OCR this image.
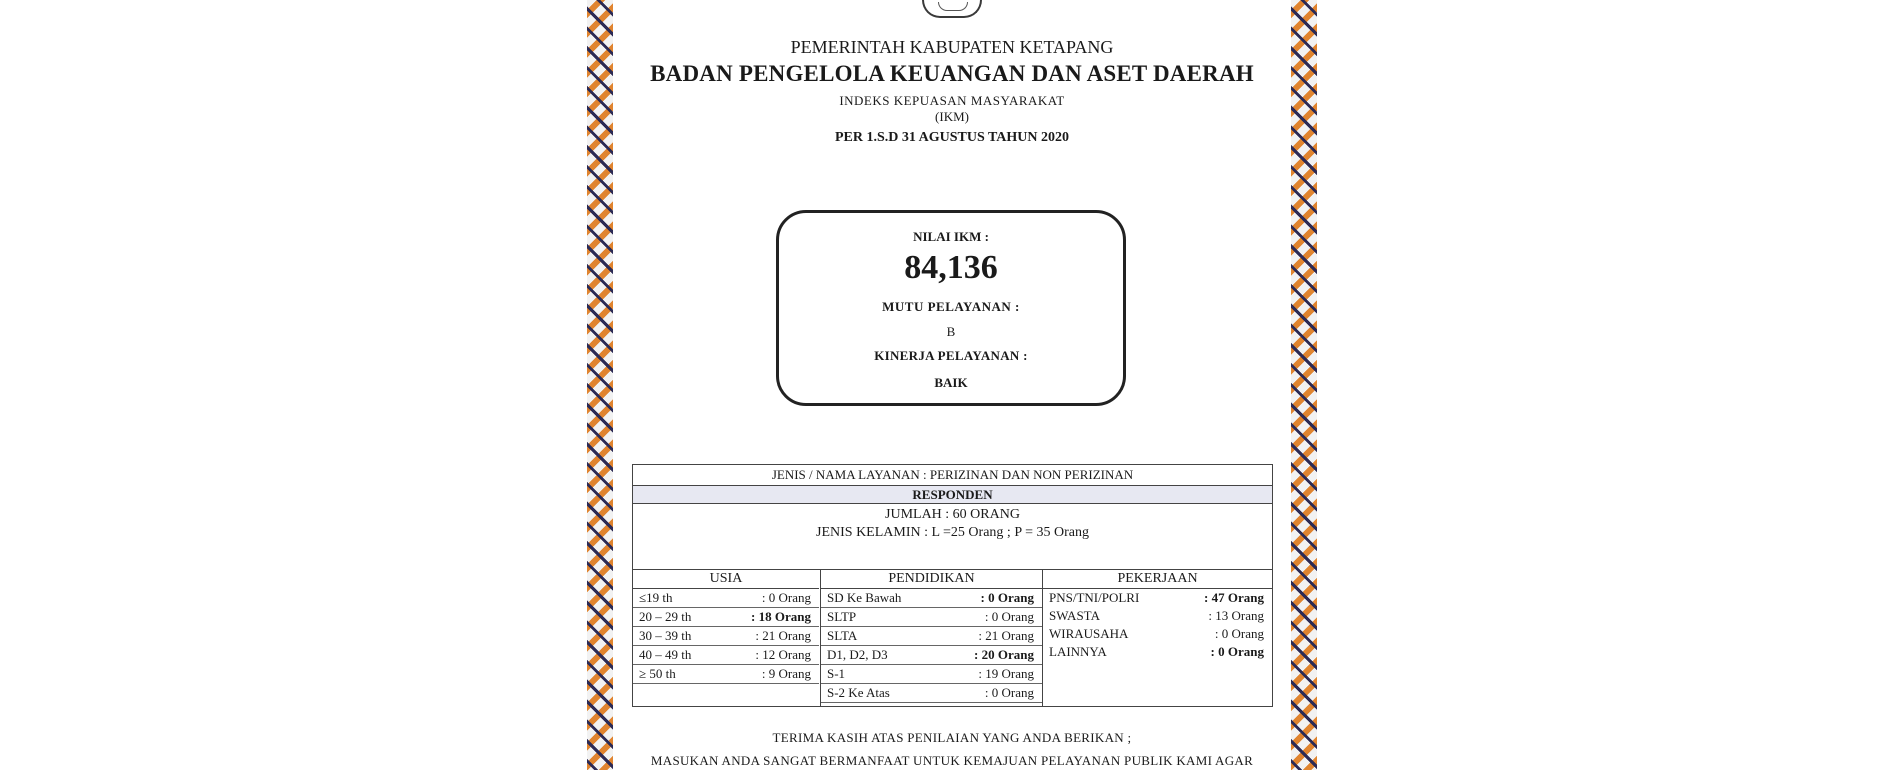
PEMERINTAH KABUPATEN KETAPANG
BADAN PENGELOLA KEUANGAN DAN ASET DAERAH
INDEKS KEPUASAN MASYARAKAT
(IKM)
PER 1.S.D 31 AGUSTUS TAHUN 2020
NILAI IKM :
84,136
MUTU PELAYANAN :
B
KINERJA PELAYANAN :
BAIK
JENIS / NAMA LAYANAN : PERIZINAN DAN NON PERIZINAN
RESPONDEN
JUMLAH : 60 ORANG
JENIS KELAMIN : L =25 Orang ; P = 35 Orang
USIA
≤19 th	: 0 Orang
20 – 29 th	: 18 Orang
30 – 39 th	: 21 Orang
40 – 49 th	: 12 Orang
≥ 50 th	: 9 Orang
PENDIDIKAN
SD Ke Bawah	: 0 Orang
SLTP	: 0 Orang
SLTA	: 21 Orang
D1, D2, D3	: 20 Orang
S-1	: 19 Orang
S-2 Ke Atas	: 0 Orang
PEKERJAAN
PNS/TNI/POLRI	: 47 Orang
SWASTA	: 13 Orang
WIRAUSAHA	: 0 Orang
LAINNYA	: 0 Orang
TERIMA KASIH ATAS PENILAIAN YANG ANDA BERIKAN ;
MASUKAN ANDA SANGAT BERMANFAAT UNTUK KEMAJUAN PELAYANAN PUBLIK KAMI AGAR
